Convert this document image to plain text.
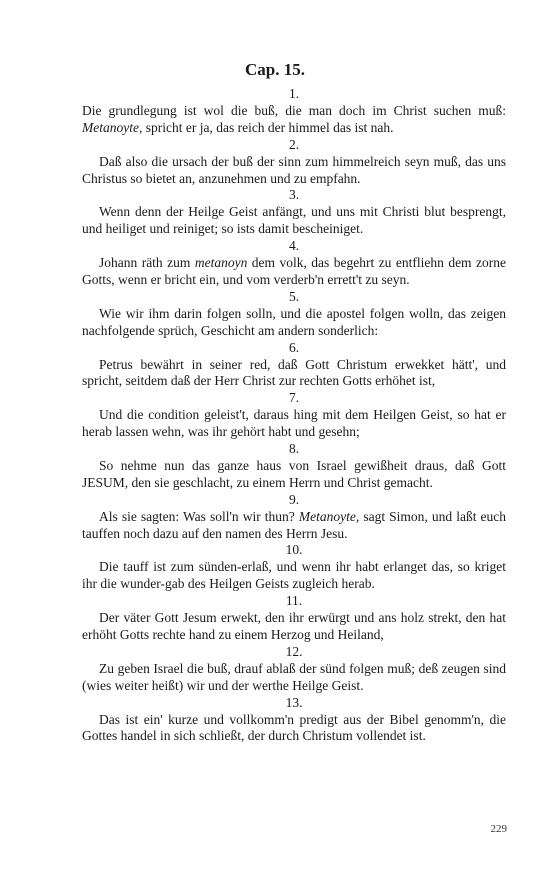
Cap. 15.
1.

Die grundlegung ist wol die buß, die man doch im Christ suchen muß: Metanoyte, spricht er ja, das reich der himmel das ist nah.

2.

Daß also die ursach der buß der sinn zum himmelreich seyn muß, das uns Christus so bietet an, anzunehmen und zu empfahn.

3.

Wenn denn der Heilge Geist anfängt, und uns mit Christi blut besprengt, und heiliget und reiniget; so ists damit bescheiniget.

4.

Johann räth zum metanoyn dem volk, das begehrt zu entfliehn dem zorne Gotts, wenn er bricht ein, und vom verderb'n errett't zu seyn.

5.

Wie wir ihm darin folgen solln, und die apostel folgen wolln, das zeigen nachfolgende sprüch, Geschicht am andern sonderlich:

6.

Petrus bewährt in seiner red, daß Gott Christum erwekket hätt', und spricht, seitdem daß der Herr Christ zur rechten Gotts erhöhet ist,

7.

Und die condition geleist't, daraus hing mit dem Heilgen Geist, so hat er herab lassen wehn, was ihr gehört habt und gesehn;

8.

So nehme nun das ganze haus von Israel gewißheit draus, daß Gott JESUM, den sie geschlacht, zu einem Herrn und Christ gemacht.

9.

Als sie sagten: Was soll'n wir thun? Metanoyte, sagt Simon, und laßt euch tauffen noch dazu auf den namen des Herrn Jesu.

10.

Die tauff ist zum sünden-erlaß, und wenn ihr habt erlanget das, so kriget ihr die wunder-gab des Heilgen Geists zugleich herab.

11.

Der väter Gott Jesum erwekt, den ihr erwürgt und ans holz strekt, den hat erhöht Gotts rechte hand zu einem Herzog und Heiland,

12.

Zu geben Israel die buß, drauf ablaß der sünd folgen muß; deß zeugen sind (wies weiter heißt) wir und der werthe Heilge Geist.

13.

Das ist ein' kurze und vollkomm'n predigt aus der Bibel genomm'n, die Gottes handel in sich schließt, der durch Christum vollendet ist.

229
